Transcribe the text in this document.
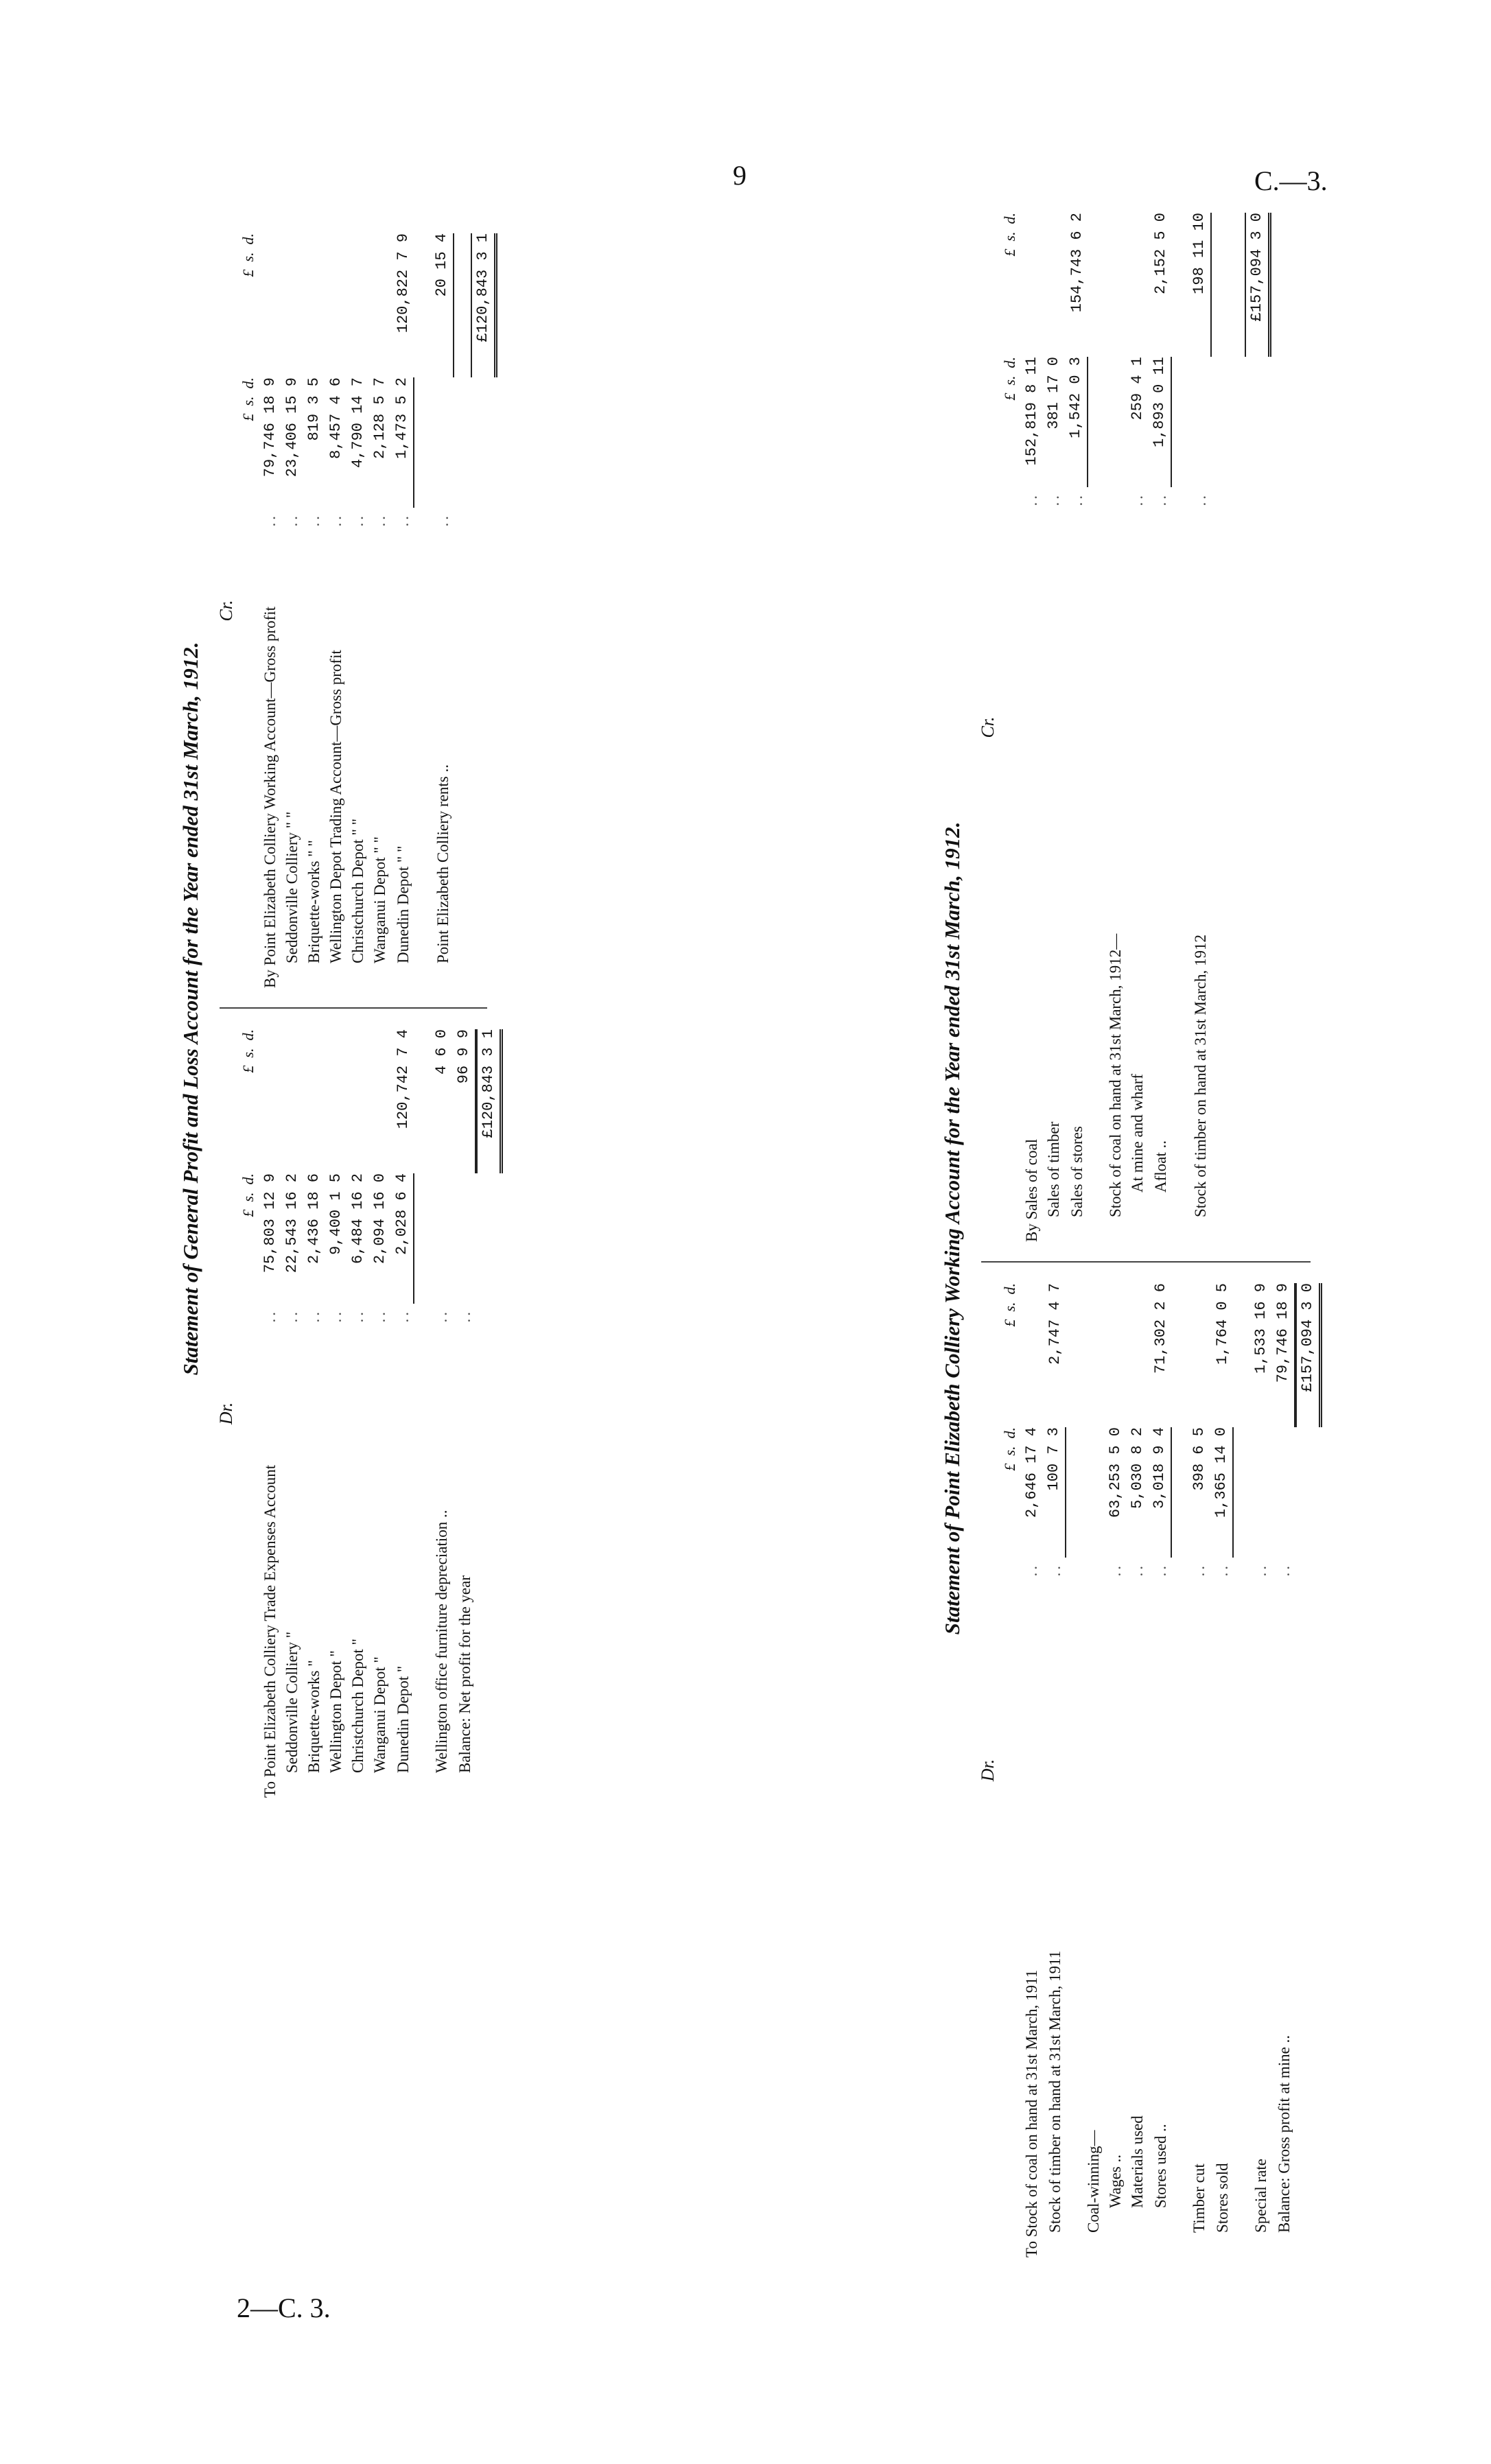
9	C.—3.
2—C. 3.
Statement of General Profit and Loss Account for the Year ended 31st March, 1912.
Dr.
£  s.  d.
£  s.  d.
To Point Elizabeth Colliery Trade Expenses Account
..
75,803 12 9
Seddonville Colliery "
..
22,543 16 2
Briquette-works "
..
2,436 18 6
Wellington Depot "
..
9,400 1 5
Christchurch Depot "
..
6,484 16 2
Wanganui Depot "
..
2,094 16 0
Dunedin Depot "
..
2,028 6 4
120,742 7 4
Wellington office furniture depreciation ..
..
4 6 0
Balance: Net profit for the year
..
96 9 9 £120,843 3 1
Cr.
£  s.  d.
£  s.  d.
By Point Elizabeth Colliery Working Account—Gross profit
..
79,746 18 9
Seddonville Colliery " "
..
23,406 15 9
Briquette-works " "
..
819 3 5
Wellington Depot Trading Account—Gross profit
..
8,457 4 6
Christchurch Depot " "
..
4,790 14 7
Wanganui Depot " "
..
2,128 5 7
Dunedin Depot " "
..
1,473 5 2
120,822 7 9
Point Elizabeth Colliery rents ..
..
20 15 4 £120,843 3 1
Statement of Point Elizabeth Colliery Working Account for the Year ended 31st March, 1912.
Dr.
£  s.  d.
£  s.  d.
To Stock of coal on hand at 31st March, 1911
..
2,646 17 4
Stock of timber on hand at 31st March, 1911
..
100 7 3
2,747 4 7
Coal-winning— Wages ..
..
63,253 5 0
Materials used
..
5,030 8 2
Stores used ..
..
3,018 9 4
71,302 2 6
Timber cut
..
398 6 5
Stores sold
..
1,365 14 0
1,764 0 5
Special rate
..
1,533 16 9
Balance: Gross profit at mine ..
..
79,746 18 9 £157,094 3 0
Cr.
£  s.  d.
£  s.  d.
By Sales of coal
..
152,819 8 11
Sales of timber
..
381 17 0
Sales of stores
..
1,542 0 3
154,743 6 2
Stock of coal on hand at 31st March, 1912— At mine and wharf
..
259 4 1
Afloat ..
..
1,893 0 11
2,152 5 0
Stock of timber on hand at 31st March, 1912
..
198 11 10	£157,094 3 0
